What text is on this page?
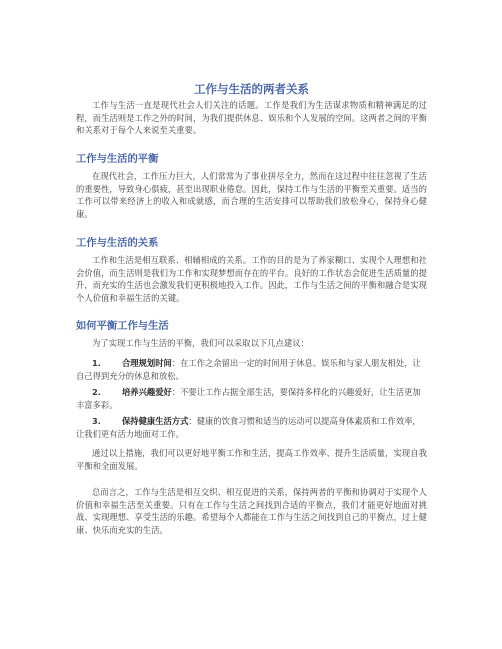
工作与生活的两者关系

工作与生活一直是现代社会人们关注的话题。工作是我们为生活谋求物质和精神满足的过程，而生活则是工作之外的时间，为我们提供休息、娱乐和个人发展的空间。这两者之间的平衡和关系对于每个人来说至关重要。

工作与生活的平衡

在现代社会，工作压力巨大，人们常常为了事业拼尽全力，然而在这过程中往往忽视了生活的重要性，导致身心俱疲，甚至出现职业倦怠。因此，保持工作与生活的平衡至关重要。适当的工作可以带来经济上的收入和成就感，而合理的生活安排可以帮助我们放松身心，保持身心健康。

工作与生活的关系

工作和生活是相互联系、相辅相成的关系。工作的目的是为了养家糊口、实现个人理想和社会价值，而生活则是我们为工作和实现梦想而存在的平台。良好的工作状态会促进生活质量的提升，而充实的生活也会激发我们更积极地投入工作。因此，工作与生活之间的平衡和融合是实现个人价值和幸福生活的关键。

如何平衡工作与生活

为了实现工作与生活的平衡，我们可以采取以下几点建议：

1.	合理规划时间：在工作之余留出一定的时间用于休息、娱乐和与家人朋友相处，让自己得到充分的休息和放松。
2.	培养兴趣爱好：不要让工作占据全部生活，要保持多样化的兴趣爱好，让生活更加丰富多彩。
3.	保持健康生活方式：健康的饮食习惯和适当的运动可以提高身体素质和工作效率，让我们更有活力地面对工作。

通过以上措施，我们可以更好地平衡工作和生活，提高工作效率、提升生活质量，实现自我平衡和全面发展。

总而言之，工作与生活是相互交织、相互促进的关系，保持两者的平衡和协调对于实现个人价值和幸福生活至关重要。只有在工作与生活之间找到合适的平衡点，我们才能更好地面对挑战、实现理想、享受生活的乐趣。希望每个人都能在工作与生活之间找到自己的平衡点，过上健康、快乐而充实的生活。
